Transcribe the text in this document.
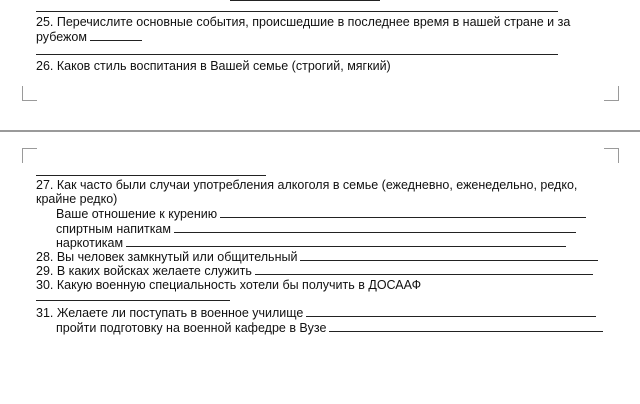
25. Перечислите основные события, происшедшие в последнее время в нашей стране и за
рубежом
26. Каков стиль воспитания в Вашей семье (строгий, мягкий)
27. Как часто были случаи употребления алкоголя в семье (ежедневно, еженедельно, редко,
крайне редко)
Ваше отношение к курению
спиртным напиткам
наркотикам
28. Вы человек замкнутый или общительный
29. В каких войсках желаете служить
30. Какую военную специальность хотели бы получить в ДОСААФ
31. Желаете ли поступать в военное училище
пройти подготовку на военной кафедре в Вузе
